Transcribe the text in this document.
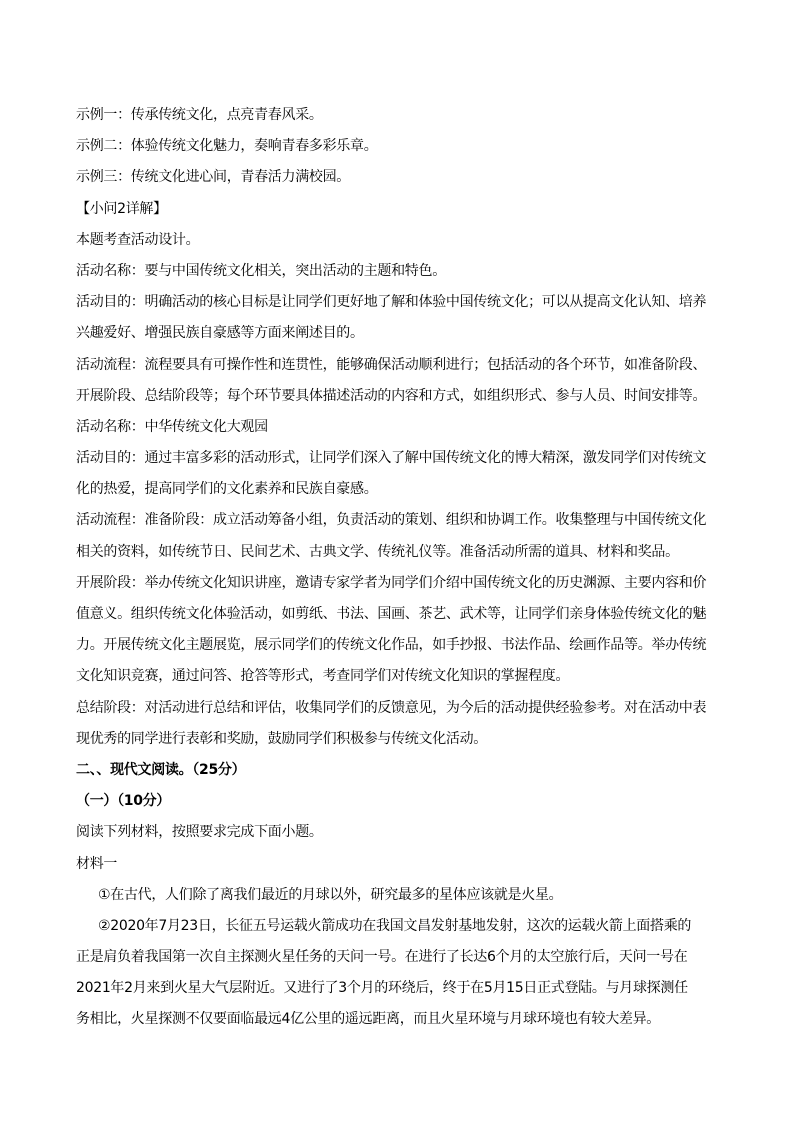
示例一：传承传统文化，点亮青春风采。
示例二：体验传统文化魅力，奏响青春多彩乐章。
示例三：传统文化进心间，青春活力满校园。
【小问2详解】
本题考查活动设计。
活动名称：要与中国传统文化相关，突出活动的主题和特色。
活动目的：明确活动的核心目标是让同学们更好地了解和体验中国传统文化；可以从提高文化认知、培养
兴趣爱好、增强民族自豪感等方面来阐述目的。
活动流程：流程要具有可操作性和连贯性，能够确保活动顺利进行；包括活动的各个环节，如准备阶段、
开展阶段、总结阶段等；每个环节要具体描述活动的内容和方式，如组织形式、参与人员、时间安排等。
活动名称：中华传统文化大观园
活动目的：通过丰富多彩的活动形式，让同学们深入了解中国传统文化的博大精深，激发同学们对传统文
化的热爱，提高同学们的文化素养和民族自豪感。
活动流程：准备阶段：成立活动筹备小组，负责活动的策划、组织和协调工作。收集整理与中国传统文化
相关的资料，如传统节日、民间艺术、古典文学、传统礼仪等。准备活动所需的道具、材料和奖品。
开展阶段：举办传统文化知识讲座，邀请专家学者为同学们介绍中国传统文化的历史渊源、主要内容和价
值意义。组织传统文化体验活动，如剪纸、书法、国画、茶艺、武术等，让同学们亲身体验传统文化的魅
力。开展传统文化主题展览，展示同学们的传统文化作品，如手抄报、书法作品、绘画作品等。举办传统
文化知识竞赛，通过问答、抢答等形式，考查同学们对传统文化知识的掌握程度。
总结阶段：对活动进行总结和评估，收集同学们的反馈意见，为今后的活动提供经验参考。对在活动中表
现优秀的同学进行表彰和奖励，鼓励同学们积极参与传统文化活动。
二、、现代文阅读。（25分）
（一）（10分）
阅读下列材料，按照要求完成下面小题。
材料一
①在古代，人们除了离我们最近的月球以外，研究最多的星体应该就是火星。
②2020年7月23日，长征五号运载火箭成功在我国文昌发射基地发射，这次的运载火箭上面搭乘的
正是肩负着我国第一次自主探测火星任务的天问一号。在进行了长达6个月的太空旅行后，天问一号在
2021年2月来到火星大气层附近。又进行了3个月的环绕后，终于在5月15日正式登陆。与月球探测任
务相比，火星探测不仅要面临最远4亿公里的遥远距离，而且火星环境与月球环境也有较大差异。
